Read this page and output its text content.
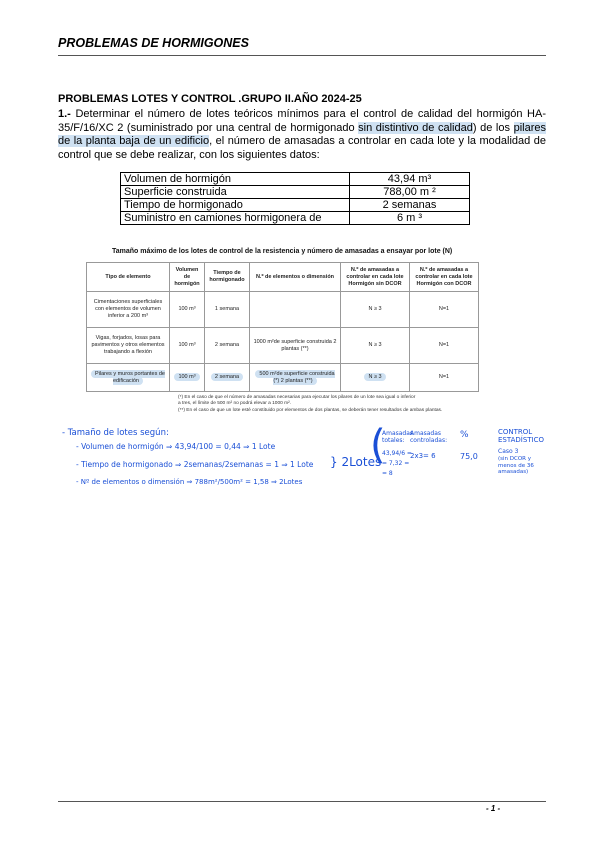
PROBLEMAS DE HORMIGONES
PROBLEMAS LOTES Y CONTROL .GRUPO II.AÑO 2024-25
1.- Determinar el número de lotes teóricos mínimos para el control de calidad del hormigón HA-35/F/16/XC 2 (suministrado por una central de hormigonado sin distintivo de calidad) de los pilares de la planta baja de un edificio, el número de amasadas a controlar en cada lote y la modalidad de control que se debe realizar, con los siguientes datos:
Volumen de hormigón	43,94 m³
Superficie construida	788,00 m ²
Tiempo de hormigonado	2 semanas
Suministro en camiones hormigonera de	6 m ³
Tamaño máximo de los lotes de control de la resistencia y número de amasadas a ensayar por lote (N)
Tipo de elemento	Volumen de hormigón	Tiempo de hormigonado	N.º de elementos o dimensión	N.º de amasadas a controlar en cada lote Hormigón sin DCOR	N.º de amasadas a controlar en cada lote Hormigón con DCOR
Cimentaciones superficiales con elementos de volumen inferior a 200 m³	100 m³	1 semana		N ≥ 3	N=1
Vigas, forjados, losas para pavimentos y otros elementos trabajando a flexión	100 m³	2 semana	1000 m²de superficie construida 2 plantas (**)	N ≥ 3	N=1
Pilares y muros portantes de edificación	100 m³	2 semana	500 m²de superficie construida (*) 2 plantas (**)	N ≥ 3	N=1
(*) En el caso de que el número de amasadas necesarias para ejecutar los pilares de un lote sea igual o inferior a tres, el límite de 500 m² no podrá elevar a 1000 m².
(**) En el caso de que un lote esté constituido por elementos de dos plantas, se deberán tener resultados de ambas plantas.
- Tamaño de lotes según:
- Volumen de hormigón ⇒ 43,94/100 = 0,44 ⇒ 1 Lote
- Tiempo de hormigonado ⇒ 2semanas/2semanas = 1 ⇒ 1 Lote
- Nº de elementos o dimensión ⇒ 788m²/500m² = 1,58 ⇒ 2Lotes
} 2Lotes
(
Amasadas totales:
43,94/6 =
= 7,32 =
= 8
Amasadas controladas:
2x3= 6
%
75,0
CONTROL ESTADÍSTICO
Caso 3
(sin DCOR y menos de 36 amasadas)
- 1 -
